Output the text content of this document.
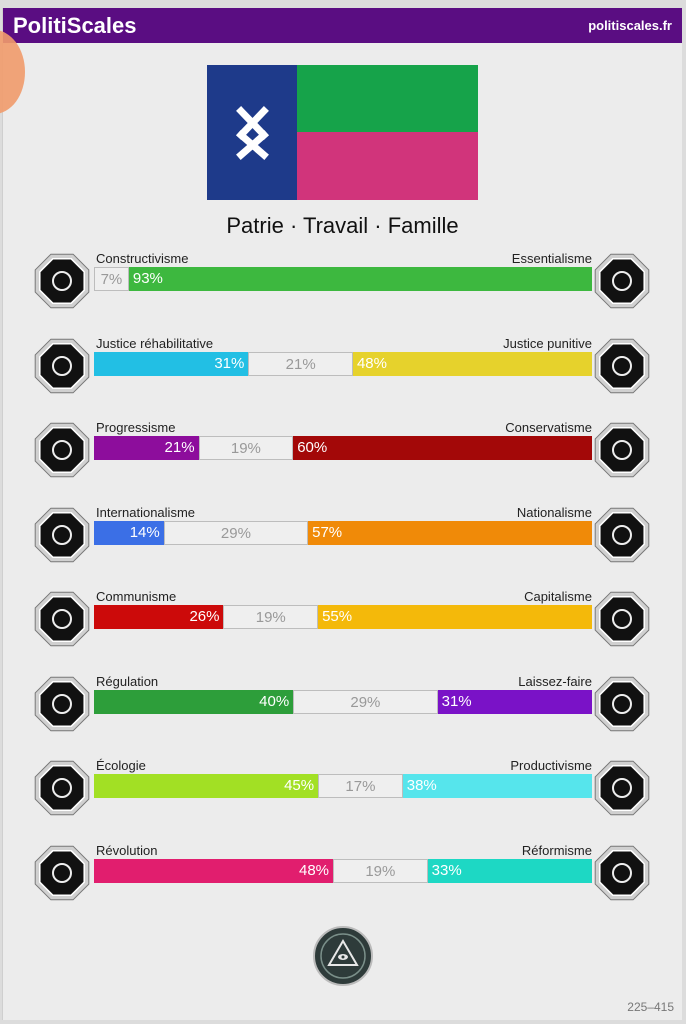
PolitiScales	politiscales.fr
Patrie · Travail · Famille
Constructivisme	Essentialisme
7% 93%
Justice réhabilitative	Justice punitive
31%	21%	48%
Progressisme	Conservatisme
21%	19%	60%
Internationalisme	Nationalisme
14%	29%	57%
Communisme	Capitalisme
26%	19%	55%
Régulation	Laissez-faire
40%	29%	31%
Écologie	Productivisme
45%	17%	38%
Révolution	Réformisme
48%	19%	33%
225–415
